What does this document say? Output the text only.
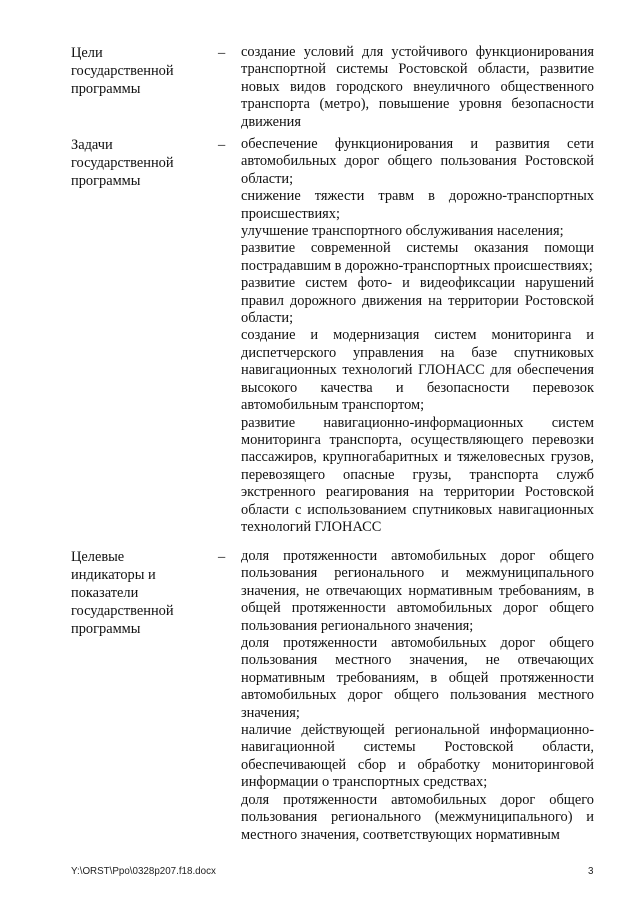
Цели
государственной
программы
– создание условий для устойчивого функционирования транспортной системы Ростовской области, развитие новых видов городского внеуличного общественного транспорта (метро), повышение уровня безопасности движения
Задачи
государственной
программы
– обеспечение функционирования и развития сети автомобильных дорог общего пользования Ростовской области;
снижение тяжести травм в дорожно-транспортных происшествиях;
улучшение транспортного обслуживания населения;
развитие современной системы оказания помощи пострадавшим в дорожно-транспортных происшествиях;
развитие систем фото- и видеофиксации нарушений правил дорожного движения на территории Ростовской области;
создание и модернизация систем мониторинга и диспетчерского управления на базе спутниковых навигационных технологий ГЛОНАСС для обеспечения высокого качества и безопасности перевозок автомобильным транспортом;
развитие навигационно-информационных систем мониторинга транспорта, осуществляющего перевозки пассажиров, крупногабаритных и тяжеловесных грузов, перевозящего опасные грузы, транспорта служб экстренного реагирования на территории Ростовской области с использованием спутниковых навигационных технологий ГЛОНАСС
Целевые
индикаторы и
показатели
государственной
программы
– доля протяженности автомобильных дорог общего пользования регионального и межмуниципального значения, не отвечающих нормативным требованиям, в общей протяженности автомобильных дорог общего пользования регионального значения;
доля протяженности автомобильных дорог общего пользования местного значения, не отвечающих нормативным требованиям, в общей протяженности автомобильных дорог общего пользования местного значения;
наличие действующей региональной информационно-навигационной системы Ростовской области, обеспечивающей сбор и обработку мониторинговой информации о транспортных средствах;
доля протяженности автомобильных дорог общего пользования регионального (межмуниципального) и местного значения, соответствующих нормативным
Y:\ORST\Ppo\0328p207.f18.docx	3
